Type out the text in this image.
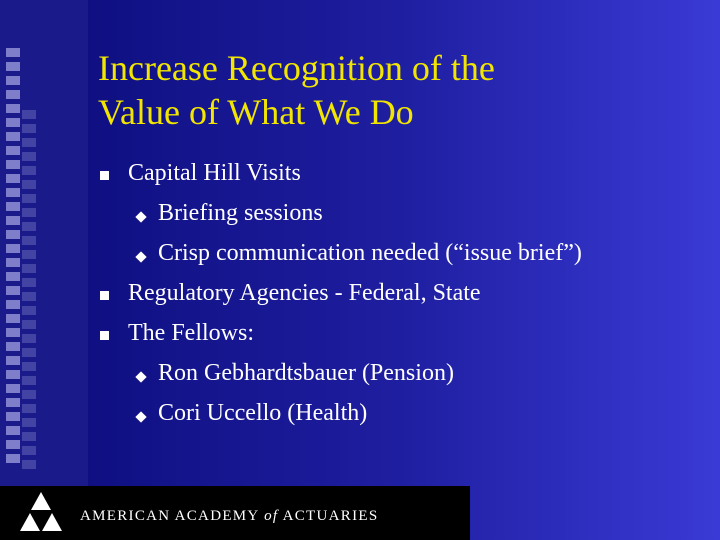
Increase Recognition of the
Value of What We Do
Capital Hill Visits
Briefing sessions
Crisp communication needed (“issue brief”)
Regulatory Agencies - Federal, State
The Fellows:
Ron Gebhardtsbauer (Pension)
Cori Uccello (Health)
AMERICAN ACADEMY of ACTUARIES
